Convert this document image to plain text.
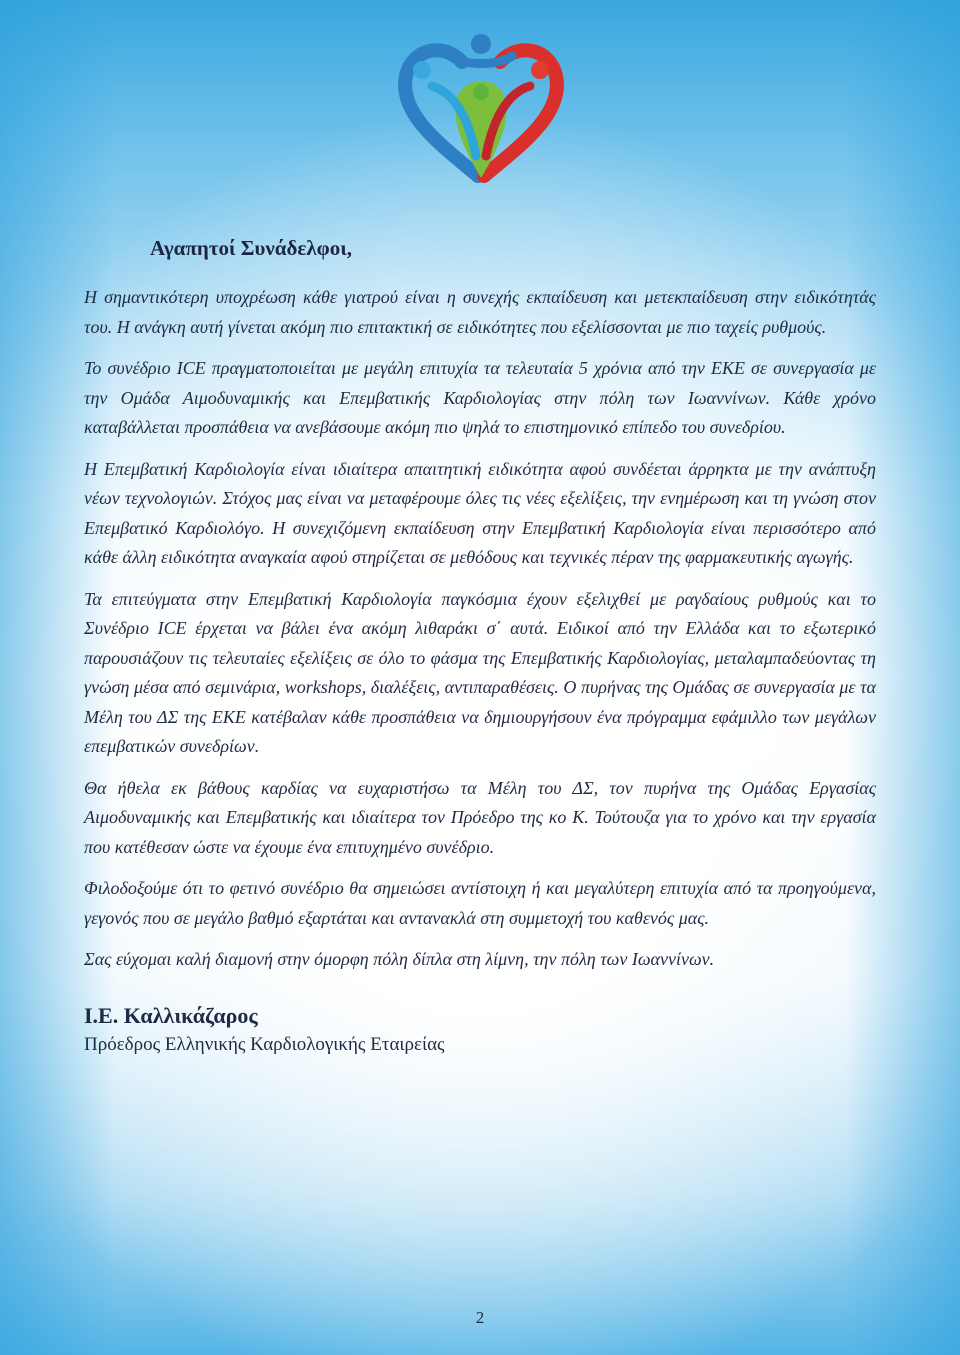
Αγαπητοί Συνάδελφοι,

Η σημαντικότερη υποχρέωση κάθε γιατρού είναι η συνεχής εκπαίδευση και μετεκπαίδευση στην ειδικότητάς του. Η ανάγκη αυτή γίνεται ακόμη πιο επιτακτική σε ειδικότητες που εξελίσσονται με πιο ταχείς ρυθμούς.

Το συνέδριο ICE πραγματοποιείται με μεγάλη επιτυχία τα τελευταία 5 χρόνια από την ΕΚΕ σε συνεργασία με την Ομάδα Αιμοδυναμικής και Επεμβατικής Καρδιολογίας στην πόλη των Ιωαννίνων. Κάθε χρόνο καταβάλλεται προσπάθεια να ανεβάσουμε ακόμη πιο ψηλά το επιστημονικό επίπεδο του συνεδρίου.

Η Επεμβατική Καρδιολογία είναι ιδιαίτερα απαιτητική ειδικότητα αφού συνδέεται άρρηκτα με την ανάπτυξη νέων τεχνολογιών. Στόχος μας είναι να μεταφέρουμε όλες τις νέες εξελίξεις, την ενημέρωση και τη γνώση στον Επεμβατικό Καρδιολόγο. Η συνεχιζόμενη εκπαίδευση στην Επεμβατική Καρδιολογία είναι περισσότερο από κάθε άλλη ειδικότητα αναγκαία αφού στηρίζεται σε μεθόδους και τεχνικές πέραν της φαρμακευτικής αγωγής.

Τα επιτεύγματα στην Επεμβατική Καρδιολογία παγκόσμια έχουν εξελιχθεί με ραγδαίους ρυθμούς και το Συνέδριο ICE έρχεται να βάλει ένα ακόμη λιθαράκι σ΄ αυτά. Ειδικοί από την Ελλάδα και το εξωτερικό παρουσιάζουν τις τελευταίες εξελίξεις σε όλο το φάσμα της Επεμβατικής Καρδιολογίας, μεταλαμπαδεύοντας τη γνώση μέσα από σεμινάρια, workshops, διαλέξεις, αντιπαραθέσεις. Ο πυρήνας της Ομάδας σε συνεργασία με τα Μέλη του ΔΣ της ΕΚΕ κατέβαλαν κάθε προσπάθεια να δημιουργήσουν ένα πρόγραμμα εφάμιλλο των μεγάλων επεμβατικών συνεδρίων.

Θα ήθελα εκ βάθους καρδίας να ευχαριστήσω τα Μέλη του ΔΣ, τον πυρήνα της Ομάδας Εργασίας Αιμοδυναμικής και Επεμβατικής και ιδιαίτερα τον Πρόεδρο της κο Κ. Τούτουζα για το χρόνο και την εργασία που κατέθεσαν ώστε να έχουμε ένα επιτυχημένο συνέδριο.

Φιλοδοξούμε ότι το φετινό συνέδριο θα σημειώσει αντίστοιχη ή και μεγαλύτερη επιτυχία από τα προηγούμενα, γεγονός που σε μεγάλο βαθμό εξαρτάται και αντανακλά στη συμμετοχή του καθενός μας.

Σας εύχομαι καλή διαμονή στην όμορφη πόλη δίπλα στη λίμνη, την πόλη των Ιωαννίνων.

Ι.Ε. Καλλικάζαρος

Πρόεδρος Ελληνικής Καρδιολογικής Εταιρείας

2
